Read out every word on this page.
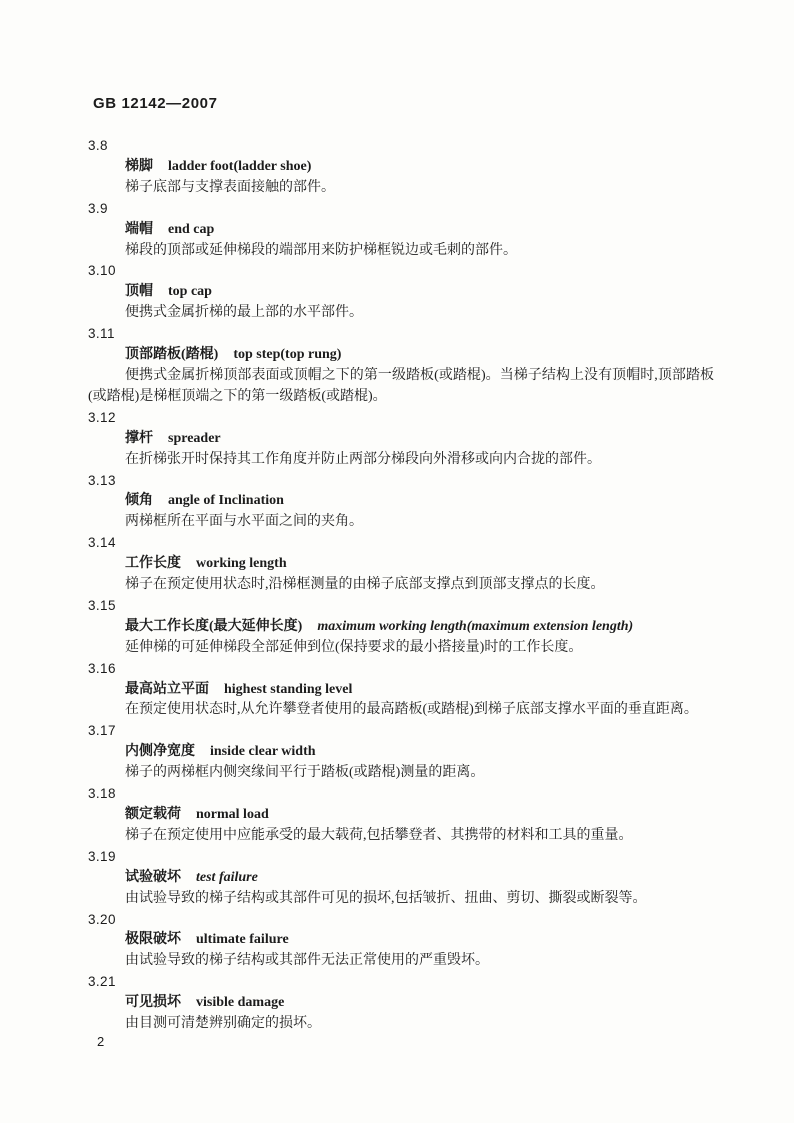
GB 12142—2007
3.8
梯脚 ladder foot(ladder shoe)

梯子底部与支撑表面接触的部件。

3.9
端帽 end cap

梯段的顶部或延伸梯段的端部用来防护梯框锐边或毛刺的部件。

3.10
顶帽 top cap

便携式金属折梯的最上部的水平部件。

3.11
顶部踏板(踏棍) top step(top rung)

便携式金属折梯顶部表面或顶帽之下的第一级踏板(或踏棍)。当梯子结构上没有顶帽时,顶部踏板(或踏棍)是梯框顶端之下的第一级踏板(或踏棍)。

3.12
撑杆 spreader

在折梯张开时保持其工作角度并防止两部分梯段向外滑移或向内合拢的部件。

3.13
倾角 angle of Inclination

两梯框所在平面与水平面之间的夹角。

3.14
工作长度 working length

梯子在预定使用状态时,沿梯框测量的由梯子底部支撑点到顶部支撑点的长度。

3.15
最大工作长度(最大延伸长度) maximum working length(maximum extension length)

延伸梯的可延伸梯段全部延伸到位(保持要求的最小搭接量)时的工作长度。

3.16
最高站立平面 highest standing level

在预定使用状态时,从允许攀登者使用的最高踏板(或踏棍)到梯子底部支撑水平面的垂直距离。

3.17
内侧净宽度 inside clear width

梯子的两梯框内侧突缘间平行于踏板(或踏棍)测量的距离。

3.18
额定载荷 normal load

梯子在预定使用中应能承受的最大载荷,包括攀登者、其携带的材料和工具的重量。

3.19
试验破坏 test failure

由试验导致的梯子结构或其部件可见的损坏,包括皱折、扭曲、剪切、撕裂或断裂等。

3.20
极限破坏 ultimate failure

由试验导致的梯子结构或其部件无法正常使用的严重毁坏。

3.21
可见损坏 visible damage

由目测可清楚辨别确定的损坏。

2
